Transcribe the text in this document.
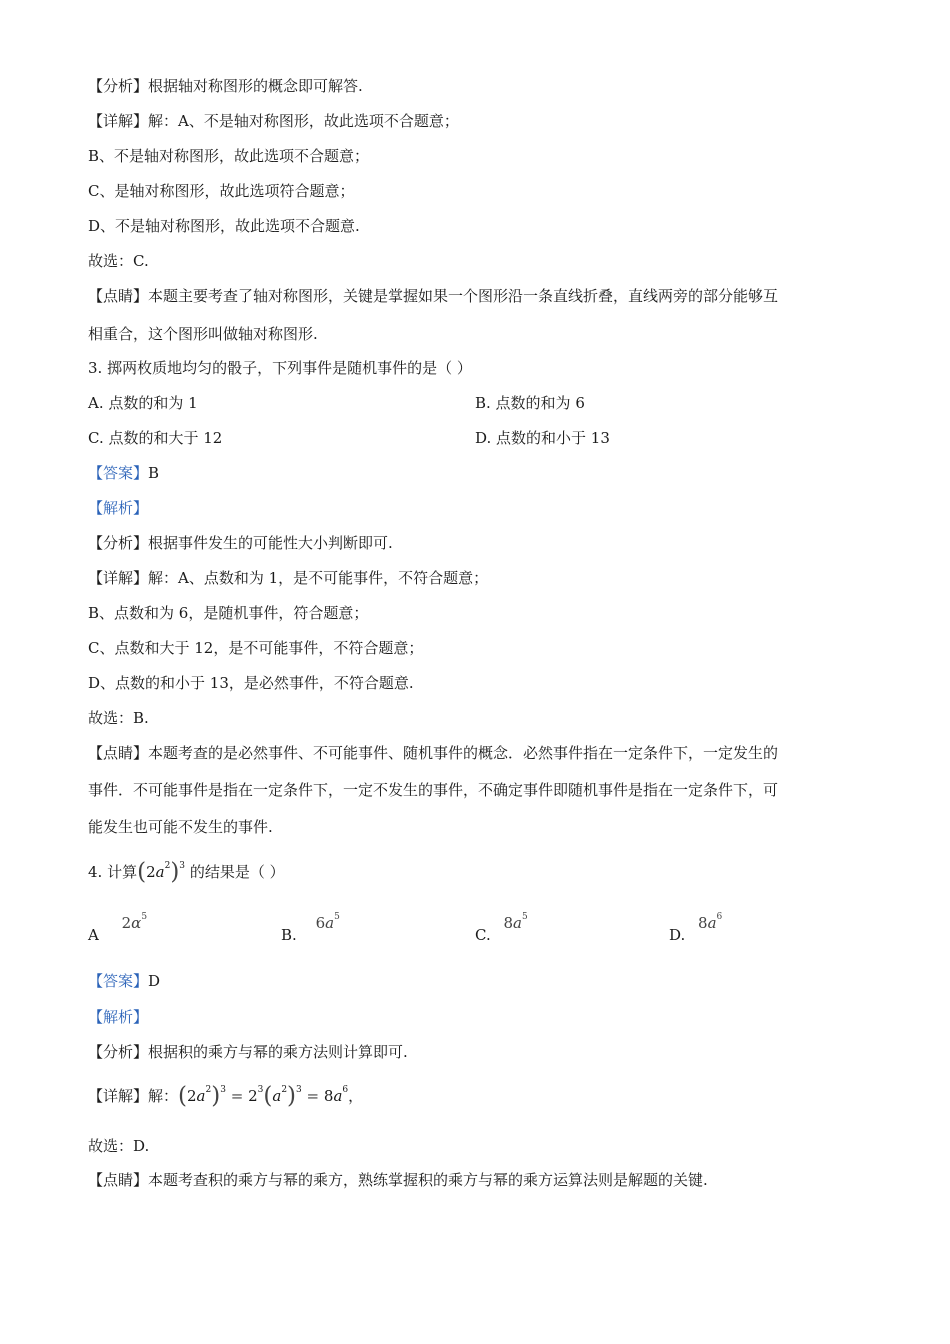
【分析】根据轴对称图形的概念即可解答.
【详解】解：A、不是轴对称图形，故此选项不合题意；
B、不是轴对称图形，故此选项不合题意；
C、是轴对称图形，故此选项符合题意；
D、不是轴对称图形，故此选项不合题意.
故选：C.
【点睛】本题主要考查了轴对称图形，关键是掌握如果一个图形沿一条直线折叠，直线两旁的部分能够互
相重合，这个图形叫做轴对称图形.
3. 掷两枚质地均匀的骰子，下列事件是随机事件的是（ ）
A. 点数的和为 1	B. 点数的和为 6
C. 点数的和大于 12	D. 点数的和小于 13
【答案】B
【解析】
【分析】根据事件发生的可能性大小判断即可.
【详解】解：A、点数和为 1，是不可能事件，不符合题意；
B、点数和为 6，是随机事件，符合题意；
C、点数和大于 12，是不可能事件，不符合题意；
D、点数的和小于 13，是必然事件，不符合题意.
故选：B.
【点睛】本题考查的是必然事件、不可能事件、随机事件的概念．必然事件指在一定条件下，一定发生的
事件．不可能事件是指在一定条件下，一定不发生的事件，不确定事件即随机事件是指在一定条件下，可
能发生也可能不发生的事件.
4. 计算$(2a^2)^3$ 的结果是（ ）
A $2\alpha^5$
B. $6a^5$
C. $8a^5$
D. $8a^6$
【答案】D
【解析】
【分析】根据积的乘方与幂的乘方法则计算即可.
【详解】解：$(2a^2)^3 = 2^3(a^2)^3 = 8a^6$，
故选：D.
【点睛】本题考查积的乘方与幂的乘方，熟练掌握积的乘方与幂的乘方运算法则是解题的关键.
